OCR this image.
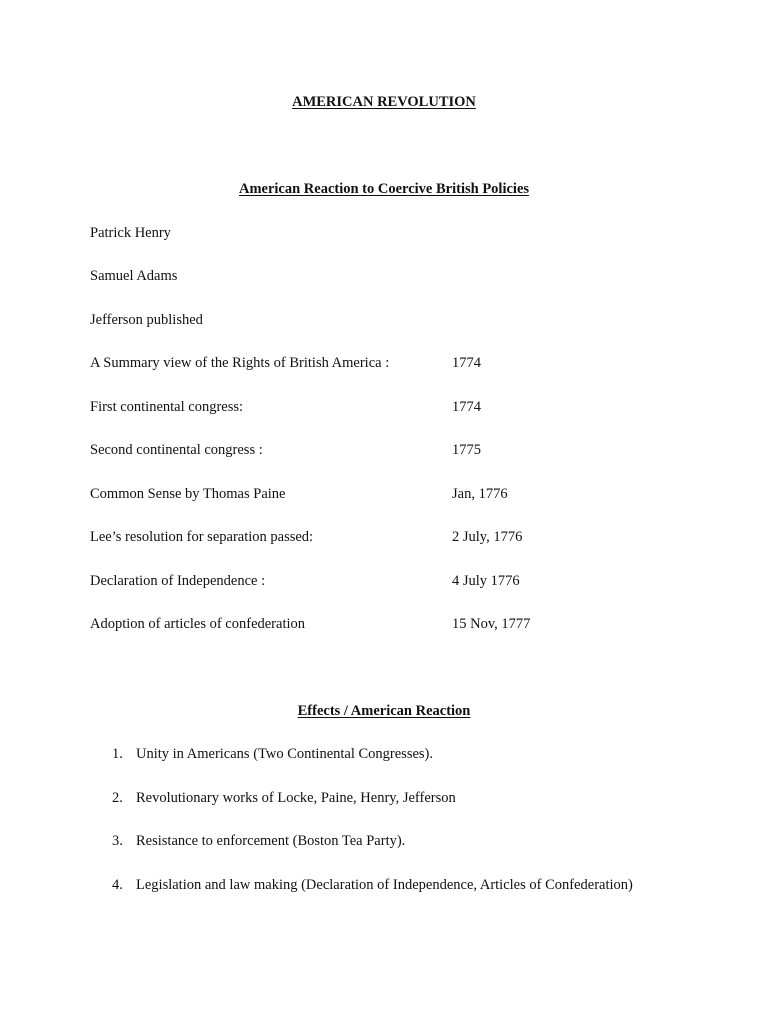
AMERICAN REVOLUTION
American Reaction to Coercive British Policies
Patrick Henry
Samuel Adams
Jefferson published
A Summary view of the Rights of British America :	1774
First continental congress:	1774
Second continental congress :	1775
Common Sense by Thomas Paine	Jan, 1776
Lee’s resolution for separation passed:	2 July, 1776
Declaration of Independence :	4 July 1776
Adoption of articles of confederation	15 Nov, 1777
Effects / American Reaction
1. Unity in Americans (Two Continental Congresses).
2. Revolutionary works of Locke, Paine, Henry, Jefferson
3. Resistance to enforcement (Boston Tea Party).
4. Legislation and law making (Declaration of Independence, Articles of Confederation)
